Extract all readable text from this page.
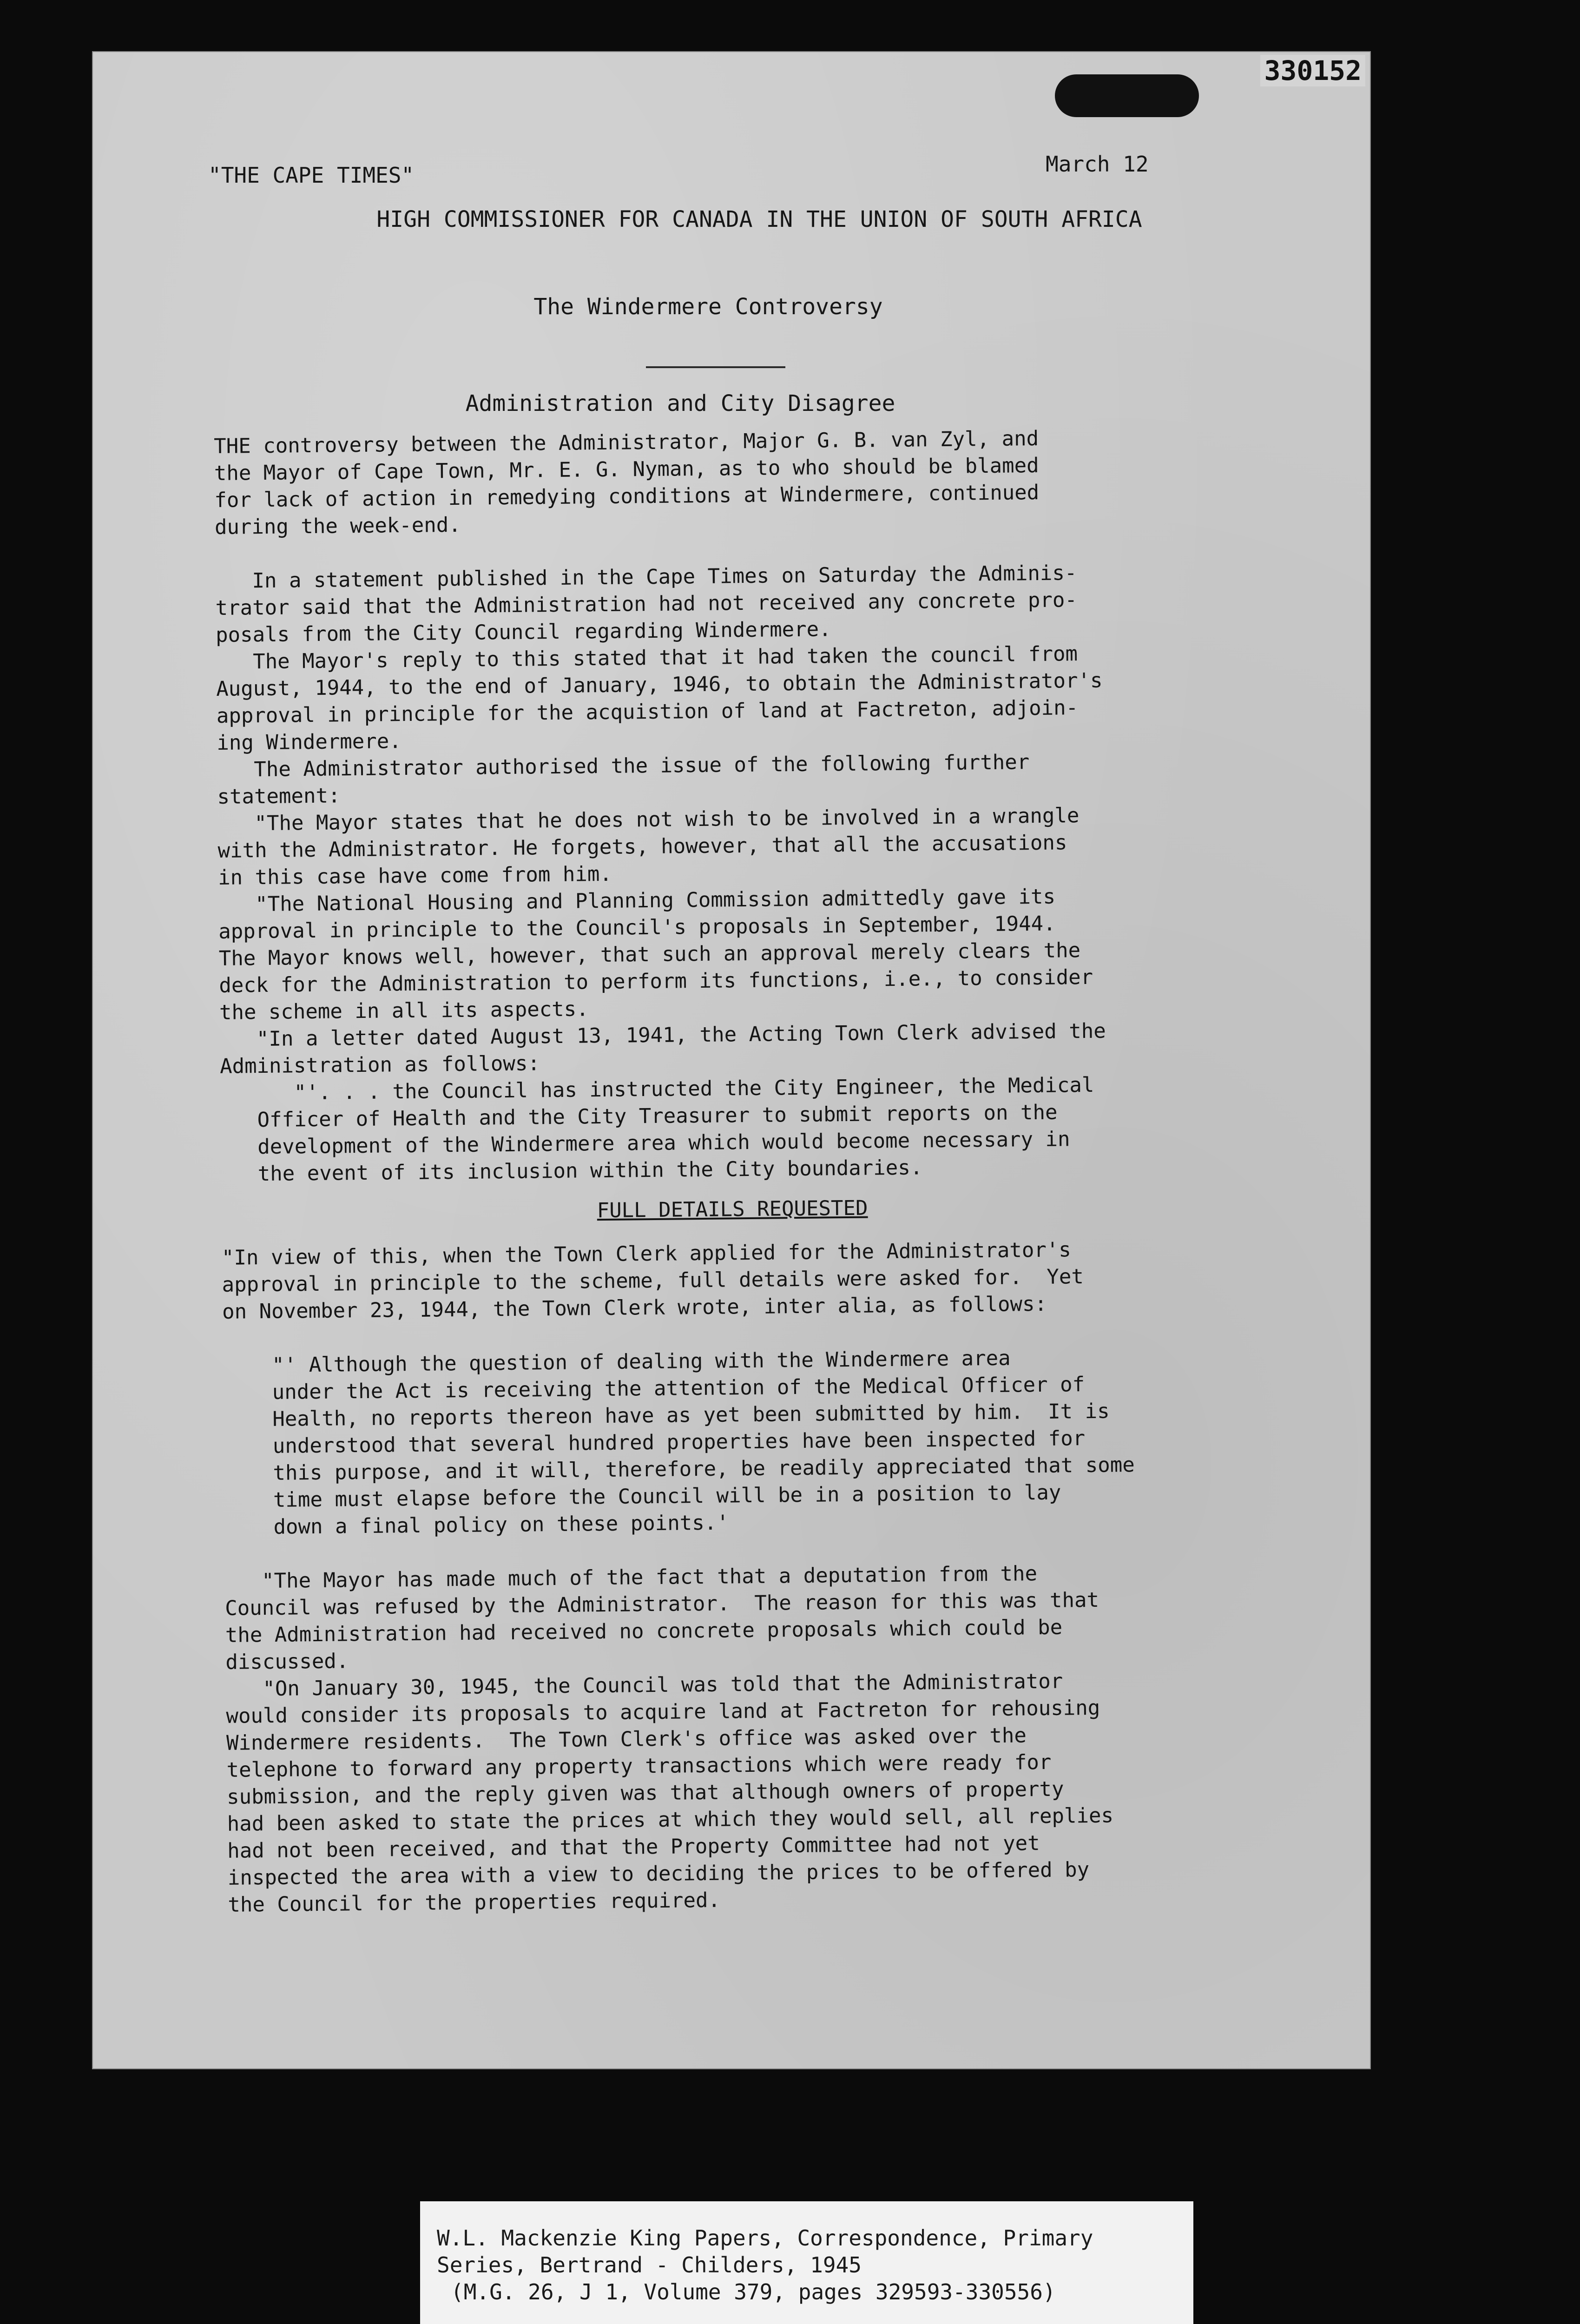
330152
"THE CAPE TIMES"	March 12
HIGH COMMISSIONER FOR CANADA IN THE UNION OF SOUTH AFRICA
The Windermere Controversy
Administration and City Disagree

THE controversy between the Administrator, Major G. B. van Zyl, and
the Mayor of Cape Town, Mr. E. G. Nyman, as to who should be blamed
for lack of action in remedying conditions at Windermere, continued
during the week-end.

In a statement published in the Cape Times on Saturday the Adminis-
trator said that the Administration had not received any concrete pro-
posals from the City Council regarding Windermere.
The Mayor's reply to this stated that it had taken the council from
August, 1944, to the end of January, 1946, to obtain the Administrator's
approval in principle for the acquistion of land at Factreton, adjoin-
ing Windermere.
The Administrator authorised the issue of the following further
statement:
"The Mayor states that he does not wish to be involved in a wrangle
with the Administrator. He forgets, however, that all the accusations
in this case have come from him.
"The National Housing and Planning Commission admittedly gave its
approval in principle to the Council's proposals in September, 1944.
The Mayor knows well, however, that such an approval merely clears the
deck for the Administration to perform its functions, i.e., to consider
the scheme in all its aspects.
"In a letter dated August 13, 1941, the Acting Town Clerk advised the
Administration as follows:
"'. . . the Council has instructed the City Engineer, the Medical
Officer of Health and the City Treasurer to submit reports on the
development of the Windermere area which would become necessary in
the event of its inclusion within the City boundaries.

FULL DETAILS REQUESTED

"In view of this, when the Town Clerk applied for the Administrator's
approval in principle to the scheme, full details were asked for.  Yet
on November 23, 1944, the Town Clerk wrote, inter alia, as follows:

"' Although the question of dealing with the Windermere area
under the Act is receiving the attention of the Medical Officer of
Health, no reports thereon have as yet been submitted by him.  It is
understood that several hundred properties have been inspected for
this purpose, and it will, therefore, be readily appreciated that some
time must elapse before the Council will be in a position to lay
down a final policy on these points.'

"The Mayor has made much of the fact that a deputation from the
Council was refused by the Administrator.  The reason for this was that
the Administration had received no concrete proposals which could be
discussed.
"On January 30, 1945, the Council was told that the Administrator
would consider its proposals to acquire land at Factreton for rehousing
Windermere residents.  The Town Clerk's office was asked over the
telephone to forward any property transactions which were ready for
submission, and the reply given was that although owners of property
had been asked to state the prices at which they would sell, all replies
had not been received, and that the Property Committee had not yet
inspected the area with a view to deciding the prices to be offered by
the Council for the properties required.

W.L. Mackenzie King Papers, Correspondence, Primary
Series, Bertrand - Childers, 1945
(M.G. 26, J 1, Volume 379, pages 329593-330556)
